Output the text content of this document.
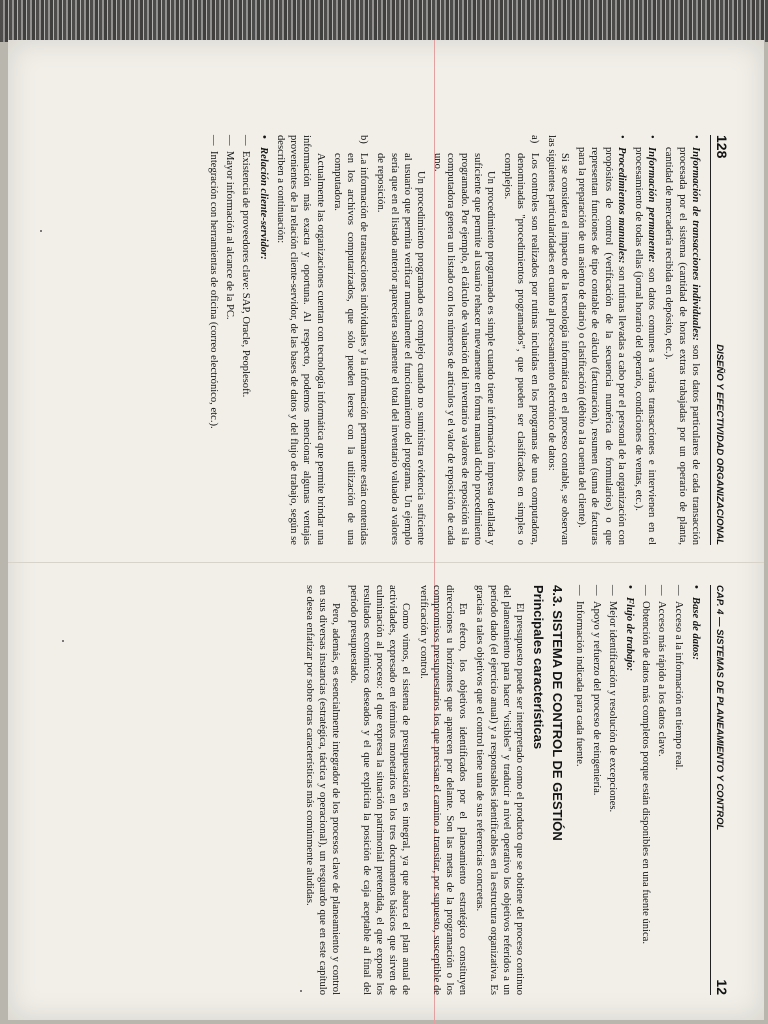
128
DISEÑO Y EFECTIVIDAD ORGANIZACIONAL

• Información de transacciones individuales: son los datos particulares de cada transacción procesada por el sistema (cantidad de horas extras trabajadas por un operario de planta, cantidad de mercadería recibida en depósito, etc.).

• Información permanente: son datos comunes a varias transacciones e intervienen en el procesamiento de todas ellas (jornal horario del operario, condiciones de ventas, etc.).

• Procedimientos manuales: son rutinas llevadas a cabo por el personal de la organización con propósitos de control (verificación de la secuencia numérica de formularios) o que representan funciones de tipo contable de cálculo (facturación), resumen (suma de facturas para la preparación de un asiento de diario) o clasificación (débito a la cuenta del cliente).

Si se considera el impacto de la tecnología informática en el proceso contable, se observan las siguientes particularidades en cuanto al procesamiento electrónico de datos:

a)
Los controles son realizados por rutinas incluidas en los programas de una computadora, denominadas "procedimientos programados", que pueden ser clasificados en simples o complejos.

Un procedimiento programado es simple cuando tiene información impresa detallada y suficiente que permite al usuario rehacer nuevamente en forma manual dicho procedimiento programado. Por ejemplo, el cálculo de valuación del inventario a valores de reposición si la computadora genera un listado con los números de artículos y el valor de reposición de cada uno.

Un procedimiento programado es complejo cuando no suministra evidencia suficiente al usuario que permita verificar manualmente el funcionamiento del programa. Un ejemplo sería que en el listado anterior apareciera solamente el total del inventario valuado a valores de reposición.

b)
La información de transacciones individuales y la información permanente están contenidas en los archivos computarizados, que sólo pueden leerse con la utilización de una computadora.

Actualmente las organizaciones cuentan con tecnología informática que permite brindar una información más exacta y oportuna. Al respecto, podemos mencionar algunas ventajas provenientes de la relación cliente-servidor, de las bases de datos y del flujo de trabajo, según se describen a continuación:

• Relación cliente-servidor:

— Existencia de proveedores clave: SAP, Oracle, Peoplesoft.

— Mayor información al alcance de la PC.

— Integración con herramientas de oficina (correo electrónico, etc.).

CAP. 4 — SISTEMAS DE PLANEAMIENTO Y CONTROL
12

• Base de datos:

— Acceso a la información en tiempo real.

— Acceso más rápido a los datos clave.

— Obtención de datos más completos porque están disponibles en una fuente única.

• Flujo de trabajo:

— Mejor identificación y resolución de excepciones.

— Apoyo y refuerzo del proceso de reingeniería.

— Información indicada para cada fuente.

4.3. SISTEMA DE CONTROL DE GESTIÓN
Principales características

El presupuesto puede ser interpretado como el producto que se obtiene del proceso continuo del planeamiento para hacer "visibles" y traducir a nivel operativo los objetivos referidos a un período dado (el ejercicio anual) y a responsables identificables en la estructura organizativa. Es gracias a tales objetivos que el control tiene una de sus referencias concretas.

En efecto, los objetivos identificados por el planeamiento estratégico constituyen direcciones u horizontes que aparecen por delante. Son las metas de la programación o los compromisos presupuestarios los que precisan el camino a transitar, por supuesto, susceptible de verificación y control.

Como vimos, el sistema de presupuestación es integral, ya que abarca el plan anual de actividades, expresado en términos monetarios en los tres documentos básicos que sirven de culminación al proceso: el que expresa la situación patrimonial pretendida, el que expone los resultados económicos deseados y el que explicita la posición de caja aceptable al final del período presupuestado.

Pero, además, es esencialmente integrador de los procesos clave de planeamiento y control en sus diversas instancias (estratégica, táctica y operacional), un resguardo que en este capítulo se desea enfatizar por sobre otras características más comúnmente aludidas.
